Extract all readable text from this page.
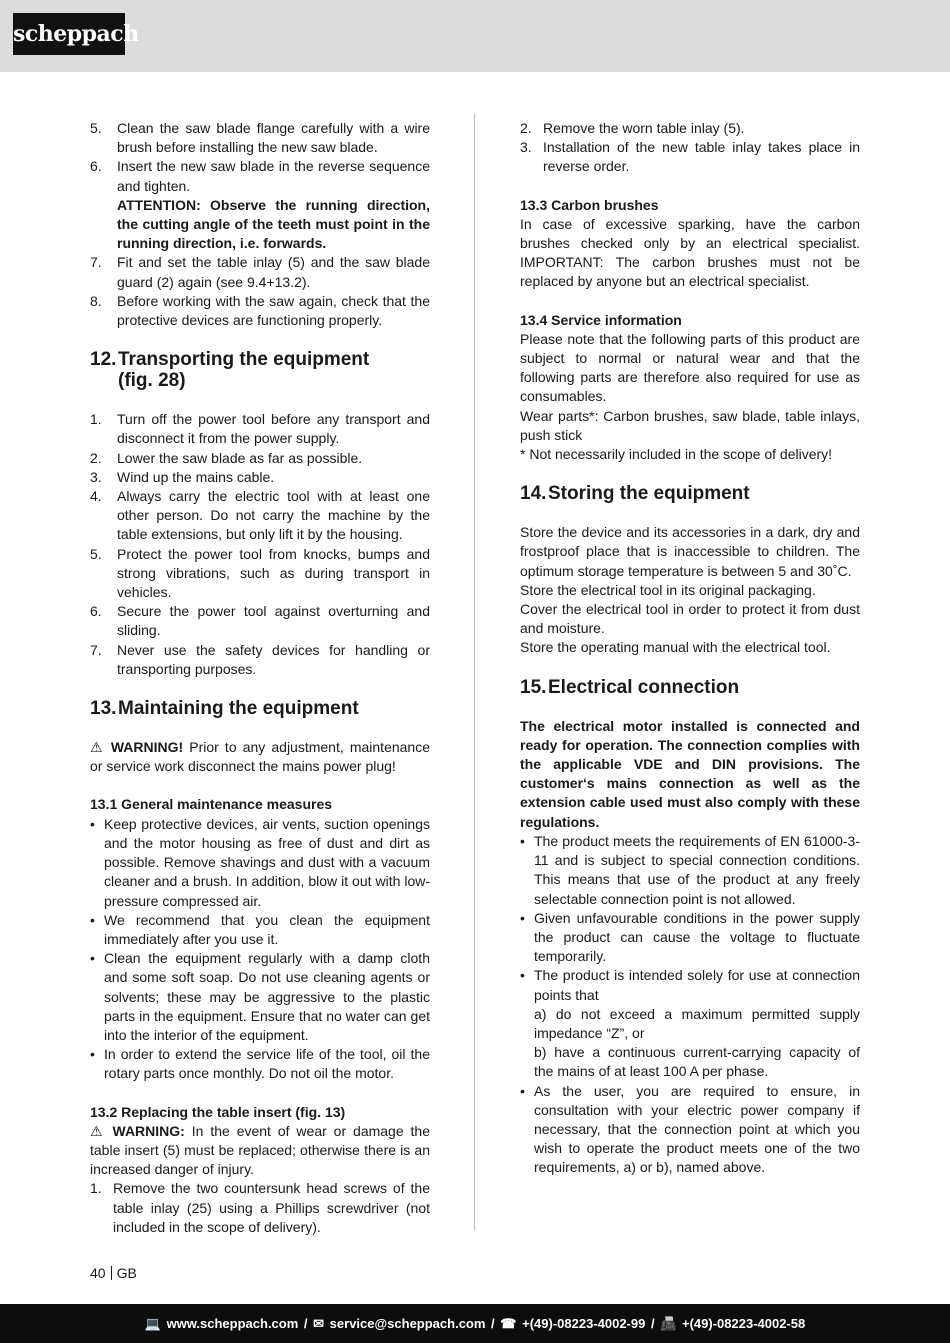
scheppach
5. Clean the saw blade flange carefully with a wire brush before installing the new saw blade.
6. Insert the new saw blade in the reverse sequence and tighten.
ATTENTION: Observe the running direction, the cutting angle of the teeth must point in the running direction, i.e. forwards.
7. Fit and set the table inlay (5) and the saw blade guard (2) again (see 9.4+13.2).
8. Before working with the saw again, check that the protective devices are functioning properly.
12. Transporting the equipment (fig. 28)
1. Turn off the power tool before any transport and disconnect it from the power supply.
2. Lower the saw blade as far as possible.
3. Wind up the mains cable.
4. Always carry the electric tool with at least one other person. Do not carry the machine by the table extensions, but only lift it by the housing.
5. Protect the power tool from knocks, bumps and strong vibrations, such as during transport in vehicles.
6. Secure the power tool against overturning and sliding.
7. Never use the safety devices for handling or transporting purposes.
13. Maintaining the equipment

⚠ WARNING! Prior to any adjustment, maintenance or service work disconnect the mains power plug!

13.1 General maintenance measures
• Keep protective devices, air vents, suction openings and the motor housing as free of dust and dirt as possible. Remove shavings and dust with a vacuum cleaner and a brush. In addition, blow it out with low-pressure compressed air.
• We recommend that you clean the equipment immediately after you use it.
• Clean the equipment regularly with a damp cloth and some soft soap. Do not use cleaning agents or solvents; these may be aggressive to the plastic parts in the equipment. Ensure that no water can get into the interior of the equipment.
• In order to extend the service life of the tool, oil the rotary parts once monthly. Do not oil the motor.
13.2 Replacing the table insert (fig. 13)

⚠ WARNING: In the event of wear or damage the table insert (5) must be replaced; otherwise there is an increased danger of injury.

1. Remove the two countersunk head screws of the table inlay (25) using a Phillips screwdriver (not included in the scope of delivery).
2. Remove the worn table inlay (5).
3. Installation of the new table inlay takes place in reverse order.
13.3 Carbon brushes

In case of excessive sparking, have the carbon brushes checked only by an electrical specialist. IMPORTANT: The carbon brushes must not be replaced by anyone but an electrical specialist.

13.4 Service information

Please note that the following parts of this product are subject to normal or natural wear and that the following parts are therefore also required for use as consumables.

Wear parts*: Carbon brushes, saw blade, table inlays, push stick

* Not necessarily included in the scope of delivery!

14. Storing the equipment

Store the device and its accessories in a dark, dry and frostproof place that is inaccessible to children. The optimum storage temperature is between 5 and 30˚C.

Store the electrical tool in its original packaging.

Cover the electrical tool in order to protect it from dust and moisture.

Store the operating manual with the electrical tool.

15. Electrical connection

The electrical motor installed is connected and ready for operation. The connection complies with the applicable VDE and DIN provisions. The customer‘s mains connection as well as the extension cable used must also comply with these regulations.

• The product meets the requirements of EN 61000-3-11 and is subject to special connection conditions. This means that use of the product at any freely selectable connection point is not allowed.
• Given unfavourable conditions in the power supply the product can cause the voltage to fluctuate temporarily.
• The product is intended solely for use at connection points that
a) do not exceed a maximum permitted supply impedance “Z”, or
b) have a continuous current-carrying capacity of the mains of at least 100 A per phase.
• As the user, you are required to ensure, in consultation with your electric power company if necessary, that the connection point at which you wish to operate the product meets one of the two requirements, a) or b), named above.
40 GB
💻 www.scheppach.com / ✉ service@scheppach.com / ☎ +(49)-08223-4002-99 / 📠 +(49)-08223-4002-58
